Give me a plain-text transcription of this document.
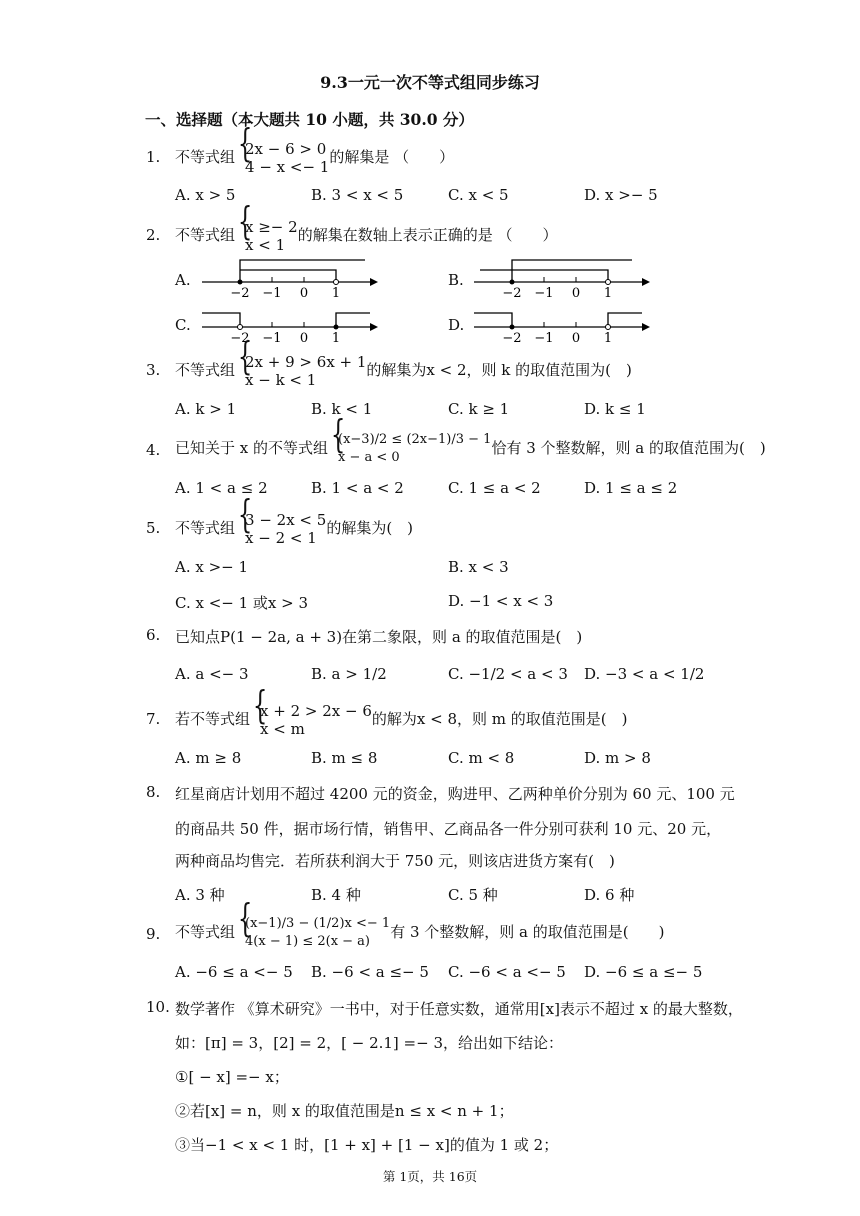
9.3一元一次不等式组同步练习
一、选择题（本大题共 10 小题，共 30.0 分）
1. 不等式组 { 2x − 6 > 0
4 − x <− 1的解集是 （　　）
A. x > 5	B. 3 < x < 5	C. x < 5	D. x >− 5
2. 不等式组 { x ≥− 2
x < 1的解集在数轴上表示正确的是 （　　）
A.	B.
C.	D.
−2 −1 0 1	−2 −1 0 1
−2 −1 0 1	−2 −1 0 1
3. 不等式组 { 2x + 9 > 6x + 1
x − k < 1的解集为x < 2，则 k 的取值范围为(　)
A. k > 1	B. k < 1	C. k ≥ 1	D. k ≤ 1
4. 已知关于 x 的不等式组 { (x−3)/2 ≤ (2x−1)/3 − 1
x − a < 0恰有 3 个整数解，则 a 的取值范围为(　)
A. 1 < a ≤ 2	B. 1 < a < 2	C. 1 ≤ a < 2	D. 1 ≤ a ≤ 2
5. 不等式组 { 3 − 2x < 5
x − 2 < 1的解集为(　)
A. x >− 1	B. x < 3
C. x <− 1 或x > 3	D. −1 < x < 3
6. 已知点P(1 − 2a, a + 3)在第二象限，则 a 的取值范围是(　)
A. a <− 3	B. a > 1/2	C. −1/2 < a < 3 D. −3 < a < 1/2
7. 若不等式组 { x + 2 > 2x − 6
x < m的解为x < 8，则 m 的取值范围是(　)
A. m ≥ 8	B. m ≤ 8	C. m < 8	D. m > 8
8. 红星商店计划用不超过 4200 元的资金，购进甲、乙两种单价分别为 60 元、100 元
的商品共 50 件，据市场行情，销售甲、乙商品各一件分别可获利 10 元、20 元，
两种商品均售完．若所获利润大于 750 元，则该店进货方案有(　)
A. 3 种	B. 4 种	C. 5 种	D. 6 种
9. 不等式组 { (x−1)/3 − (1/2)x <− 1
4(x − 1) ≤ 2(x − a)有 3 个整数解，则 a 的取值范围是(　　)
A. −6 ≤ a <− 5 B. −6 < a ≤− 5 C. −6 < a <− 5 D. −6 ≤ a ≤− 5
10. 数学著作 《算术研究》一书中，对于任意实数，通常用[x]表示不超过 x 的最大整数，
如：[π] = 3，[2] = 2，[ − 2.1] =− 3，给出如下结论：
①[ − x] =− x；
②若[x] = n，则 x 的取值范围是n ≤ x < n + 1；
③当−1 < x < 1 时，[1 + x] + [1 − x]的值为 1 或 2；
第 1页，共 16页
